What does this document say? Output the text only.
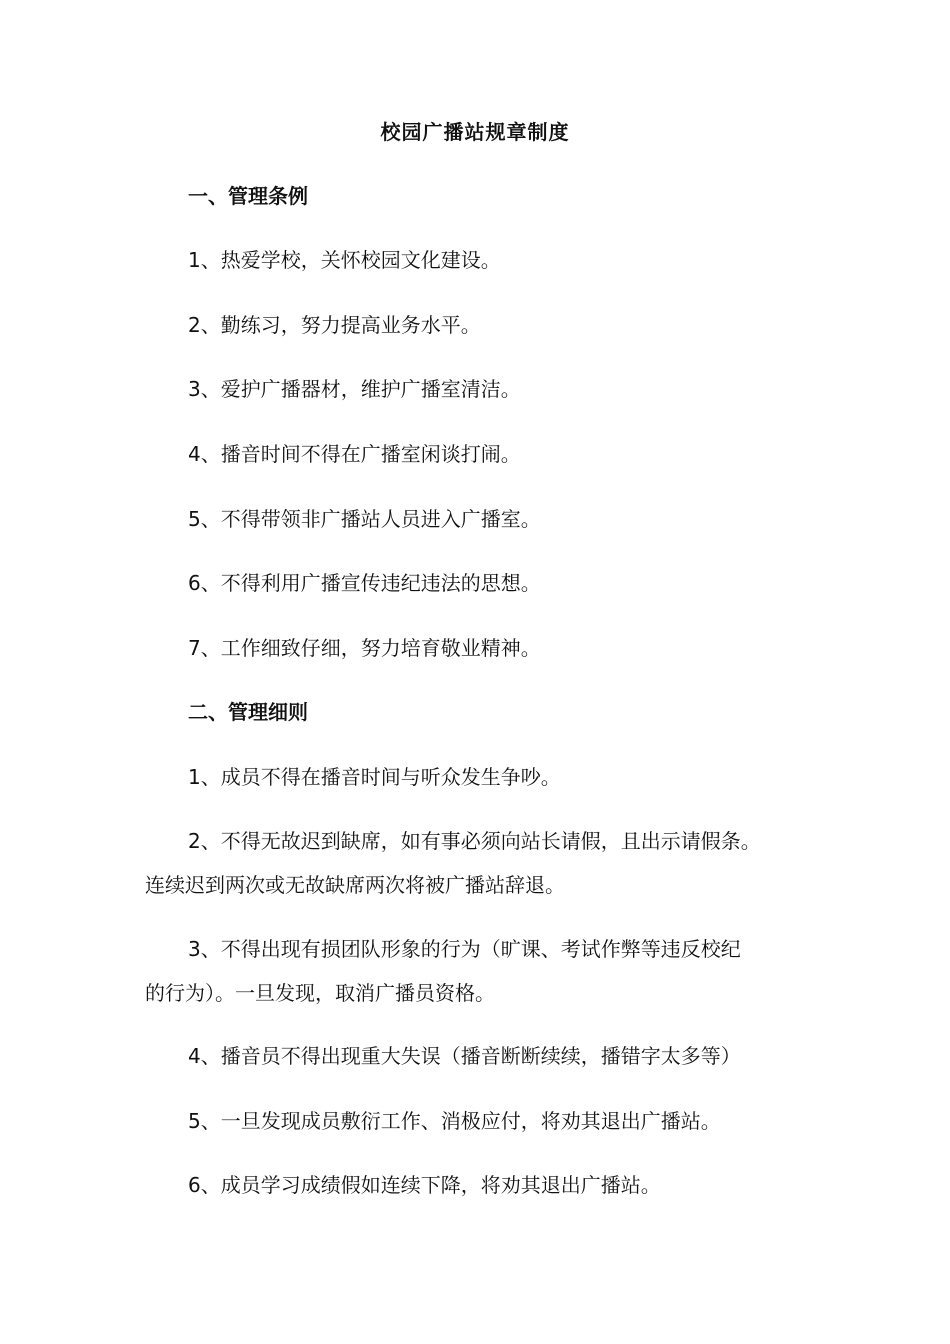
校园广播站规章制度
一、管理条例
1、热爱学校，关怀校园文化建设。
2、勤练习，努力提高业务水平。
3、爱护广播器材，维护广播室清洁。
4、播音时间不得在广播室闲谈打闹。
5、不得带领非广播站人员进入广播室。
6、不得利用广播宣传违纪违法的思想。
7、工作细致仔细，努力培育敬业精神。
二、管理细则
1、成员不得在播音时间与听众发生争吵。
2、不得无故迟到缺席，如有事必须向站长请假，且出示请假条。
连续迟到两次或无故缺席两次将被广播站辞退。
3、不得出现有损团队形象的行为（旷课、考试作弊等违反校纪
的行为）。一旦发现，取消广播员资格。
4、播音员不得出现重大失误（播音断断续续，播错字太多等）
5、一旦发现成员敷衍工作、消极应付，将劝其退出广播站。
6、成员学习成绩假如连续下降，将劝其退出广播站。
